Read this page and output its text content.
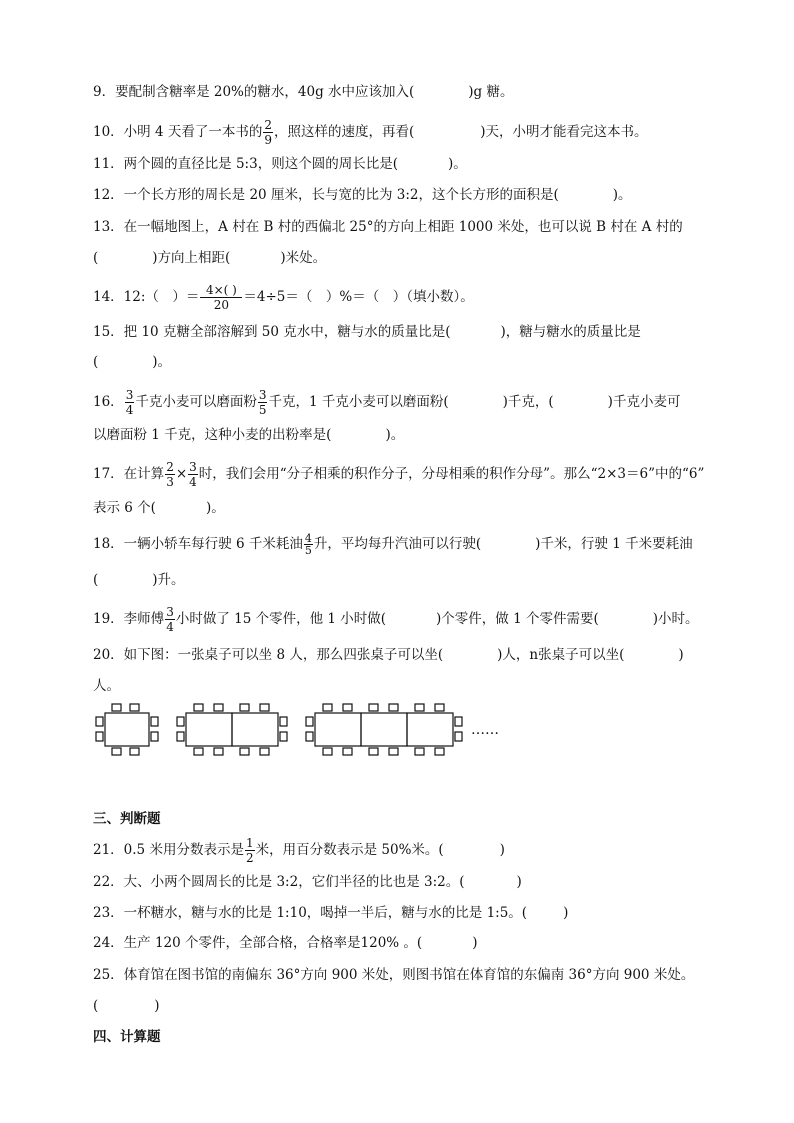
9．要配制含糖率是 20%的糖水，40g 水中应该加入(	)g 糖。
10．小明 4 天看了一本书的 $\frac{2}{9}$ ，照这样的速度，再看(	)天，小明才能看完这本书。
11．两个圆的直径比是 5:3，则这个圆的周长比是(	)。
12．一个长方形的周长是 20 厘米，长与宽的比为 3:2，这个长方形的面积是(	)。
13．在一幅地图上，A 村在 B 村的西偏北 25°的方向上相距 1000 米处，也可以说 B 村在 A 村的
(	)方向上相距(	)米处。
14．12:（　）＝ $\frac{4\times( )}{20} =4\div 5=$（　）%＝（　）（填小数）。
15．把 10 克糖全部溶解到 50 克水中，糖与水的质量比是(	)，糖与糖水的质量比是
(	)。
16． $\frac{3}{4}$ 千克小麦可以磨面粉 $\frac{3}{5}$ 千克，1 千克小麦可以磨面粉(	)千克，(	)千克小麦可
以磨面粉 1 千克，这种小麦的出粉率是(	)。
17．在计算 $\frac{2}{3} \times \frac{3}{4}$ 时，我们会用“分子相乘的积作分子，分母相乘的积作分母”。那么“2×3＝6”中的“6”
表示 6 个(	)。
18．一辆小轿车每行驶 6 千米耗油 $\frac{4}{5}$ 升，平均每升汽油可以行驶(	)千米，行驶 1 千米要耗油
(	)升。
19．李师傅 $\frac{3}{4}$ 小时做了 15 个零件，他 1 小时做(	)个零件，做 1 个零件需要(	)小时。
20．如下图：一张桌子可以坐 8 人，那么四张桌子可以坐(	)人，n张桌子可以坐(	)
人。
……
三、判断题
21．0.5 米用分数表示是 $\frac{1}{2}$ 米，用百分数表示是 50%米。(	)
22．大、小两个圆周长的比是 3:2，它们半径的比也是 3:2。(	)
23．一杯糖水，糖与水的比是 1:10，喝掉一半后，糖与水的比是 1:5。(	)
24．生产 120 个零件，全部合格，合格率是120% 。(	)
25．体育馆在图书馆的南偏东 36°方向 900 米处，则图书馆在体育馆的东偏南 36°方向 900 米处。
(	)
四、计算题
